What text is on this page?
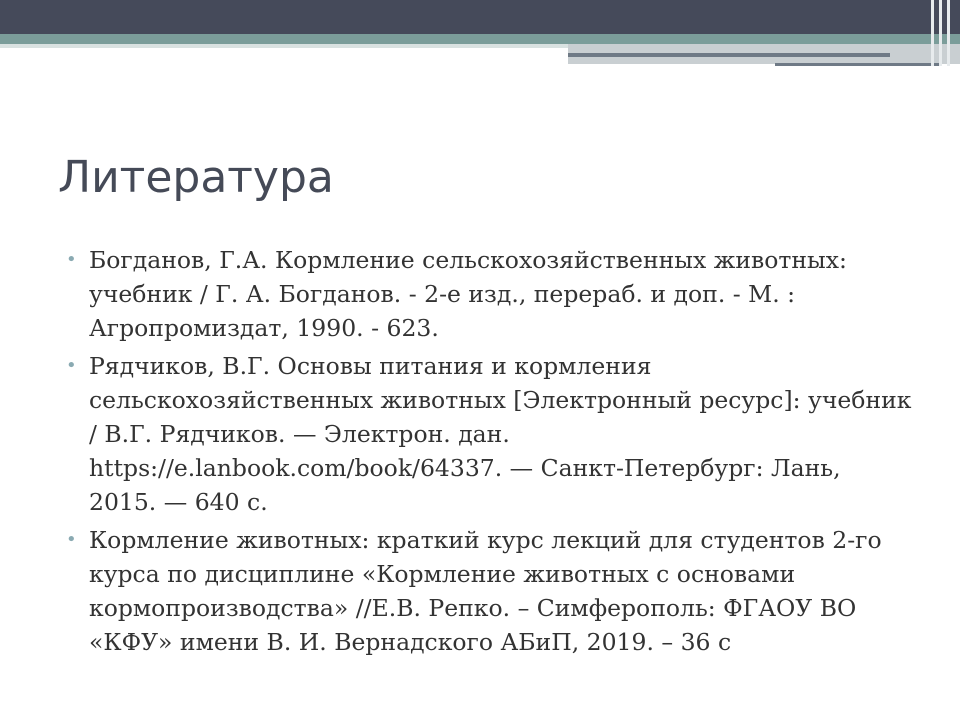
Литература
• Богданов, Г.А. Кормление сельскохозяйственных животных: учебник / Г. А. Богданов. - 2-е изд., перераб. и доп. - М. : Агропромиздат, 1990. - 623.
• Рядчиков, В.Г. Основы питания и кормления сельскохозяйственных животных [Электронный ресурс]: учебник / В.Г. Рядчиков. — Электрон. дан. https://e.lanbook.com/book/64337. — Санкт-Петербург: Лань, 2015. — 640 с.
• Кормление животных: краткий курс лекций для студентов 2-го курса по дисциплине «Кормление животных с основами кормопроизводства» //Е.В. Репко. – Симферополь: ФГАОУ ВО «КФУ» имени В. И. Вернадского АБиП, 2019. – 36 с
